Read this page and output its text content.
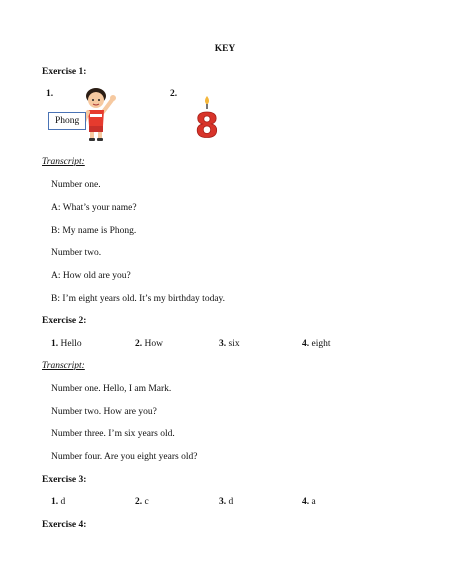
KEY
Exercise 1:
1.	2.
Phong	8
Transcript:
Number one.
A: What’s your name?
B: My name is Phong.
Number two.
A: How old are you?
B: I’m eight years old. It’s my birthday today.
Exercise 2:
1. Hello	2. How	3. six	4. eight
Transcript:
Number one. Hello, I am Mark.
Number two. How are you?
Number three. I’m six years old.
Number four. Are you eight years old?
Exercise 3:
1. d	2. c	3. d	4. a
Exercise 4:
